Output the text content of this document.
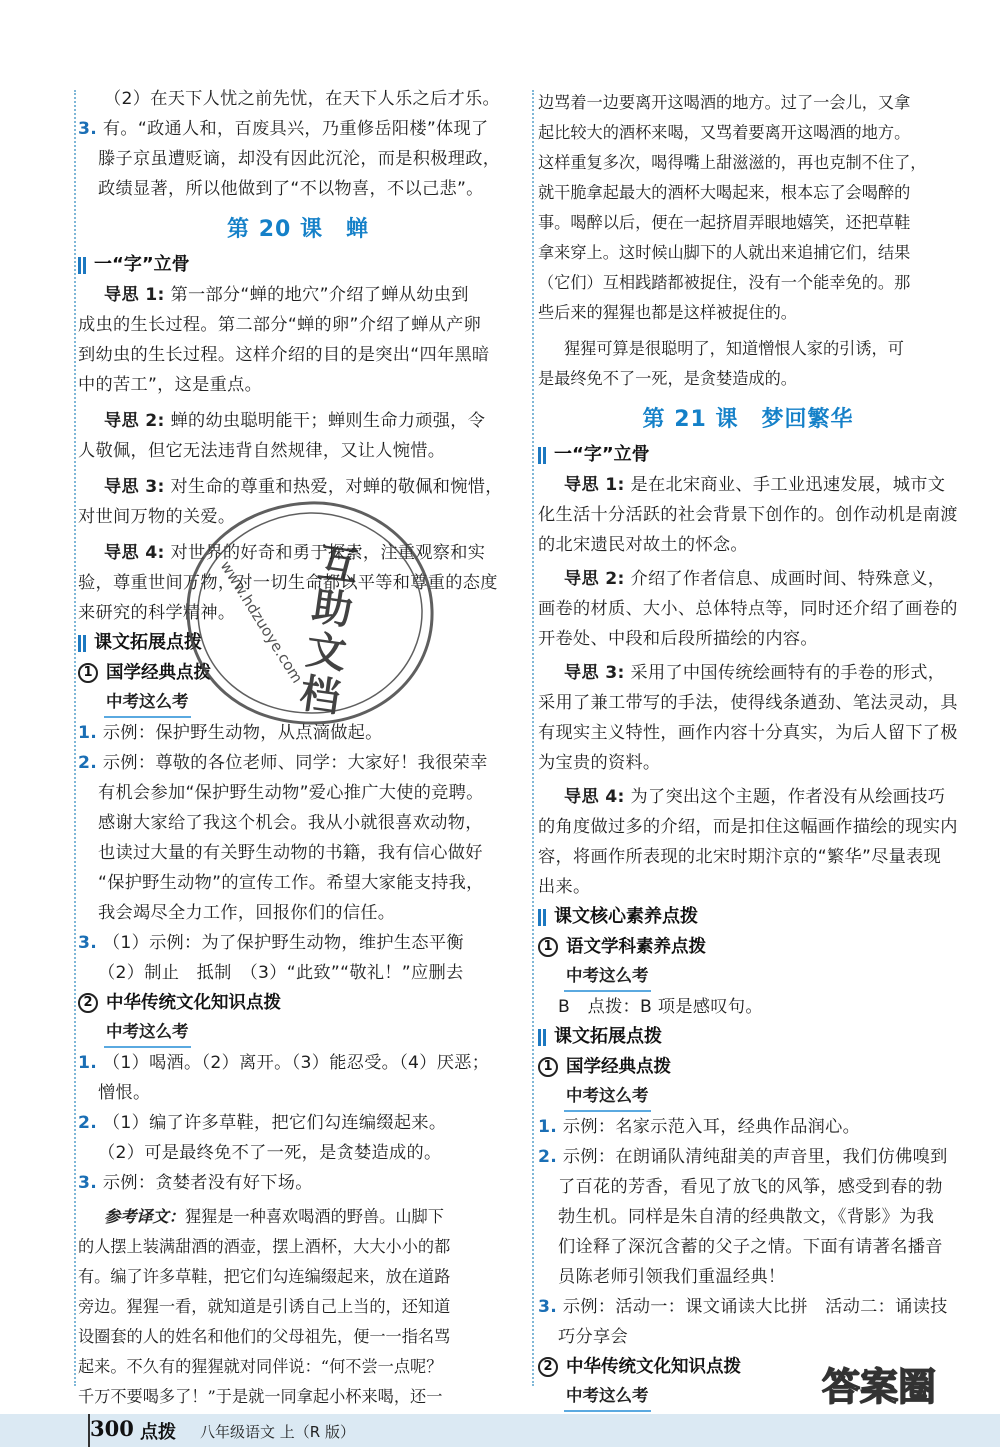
（2）在天下人忧之前先忧，在天下人乐之后才乐。

3. 有。“政通人和，百废具兴，乃重修岳阳楼”体现了

滕子京虽遭贬谪，却没有因此沉沦，而是积极理政，

政绩显著，所以他做到了“不以物喜，不以己悲”。

第 20 课　蝉
一“字”立骨

导思 1: 第一部分“蝉的地穴”介绍了蝉从幼虫到

成虫的生长过程。第二部分“蝉的卵”介绍了蝉从产卵

到幼虫的生长过程。这样介绍的目的是突出“四年黑暗

中的苦工”，这是重点。

导思 2: 蝉的幼虫聪明能干；蝉则生命力顽强，令

人敬佩，但它无法违背自然规律，又让人惋惜。

导思 3: 对生命的尊重和热爱，对蝉的敬佩和惋惜，

对世间万物的关爱。

导思 4: 对世界的好奇和勇于探索，注重观察和实

验，尊重世间万物，对一切生命都以平等和尊重的态度

来研究的科学精神。

课文拓展点拨
1 国学经典点拨
中考这么考

1. 示例：保护野生动物，从点滴做起。

2. 示例：尊敬的各位老师、同学：大家好！我很荣幸

有机会参加“保护野生动物”爱心推广大使的竞聘。

感谢大家给了我这个机会。我从小就很喜欢动物，

也读过大量的有关野生动物的书籍，我有信心做好

“保护野生动物”的宣传工作。希望大家能支持我，

我会竭尽全力工作，回报你们的信任。

3. （1）示例：为了保护野生动物，维护生态平衡

（2）制止　抵制　（3）“此致”“敬礼！”应删去

2 中华传统文化知识点拨
中考这么考

1. （1）喝酒。（2）离开。（3）能忍受。（4）厌恶；

憎恨。

2. （1）编了许多草鞋，把它们勾连编缀起来。

（2）可是最终免不了一死，是贪婪造成的。

3. 示例：贪婪者没有好下场。

参考译文：猩猩是一种喜欢喝酒的野兽。山脚下

的人摆上装满甜酒的酒壶，摆上酒杯，大大小小的都

有。编了许多草鞋，把它们勾连编缀起来，放在道路

旁边。猩猩一看，就知道是引诱自己上当的，还知道

设圈套的人的姓名和他们的父母祖先，便一一指名骂

起来。不久有的猩猩就对同伴说：“何不尝一点呢？

千万不要喝多了！”于是就一同拿起小杯来喝，还一

边骂着一边要离开这喝酒的地方。过了一会儿，又拿

起比较大的酒杯来喝，又骂着要离开这喝酒的地方。

这样重复多次，喝得嘴上甜滋滋的，再也克制不住了，

就干脆拿起最大的酒杯大喝起来，根本忘了会喝醉的

事。喝醉以后，便在一起挤眉弄眼地嬉笑，还把草鞋

拿来穿上。这时候山脚下的人就出来追捕它们，结果

（它们）互相践踏都被捉住，没有一个能幸免的。那

些后来的猩猩也都是这样被捉住的。

猩猩可算是很聪明了，知道憎恨人家的引诱，可

是最终免不了一死，是贪婪造成的。

第 21 课　梦回繁华
一“字”立骨

导思 1: 是在北宋商业、手工业迅速发展，城市文

化生活十分活跃的社会背景下创作的。创作动机是南渡

的北宋遗民对故土的怀念。

导思 2: 介绍了作者信息、成画时间、特殊意义，

画卷的材质、大小、总体特点等，同时还介绍了画卷的

开卷处、中段和后段所描绘的内容。

导思 3: 采用了中国传统绘画特有的手卷的形式，

采用了兼工带写的手法，使得线条遒劲、笔法灵动，具

有现实主义特性，画作内容十分真实，为后人留下了极

为宝贵的资料。

导思 4: 为了突出这个主题，作者没有从绘画技巧

的角度做过多的介绍，而是扣住这幅画作描绘的现实内

容，将画作所表现的北宋时期汴京的“繁华”尽量表现

出来。

课文核心素养点拨
1 语文学科素养点拨
中考这么考

B　点拨：B 项是感叹句。

课文拓展点拨
1 国学经典点拨
中考这么考

1. 示例：名家示范入耳，经典作品润心。

2. 示例：在朗诵队清纯甜美的声音里，我们仿佛嗅到

了百花的芳香，看见了放飞的风筝，感受到春的勃

勃生机。同样是朱自清的经典散文，《背影》为我

们诠释了深沉含蓄的父子之情。下面有请著名播音

员陈老师引领我们重温经典！

3. 示例：活动一：课文诵读大比拼　活动二：诵读技

巧分享会

2 中华传统文化知识点拨
中考这么考

www.hdzuoye.com
互助文档
答案圈
300 点拨 八年级语文 上（R 版）
